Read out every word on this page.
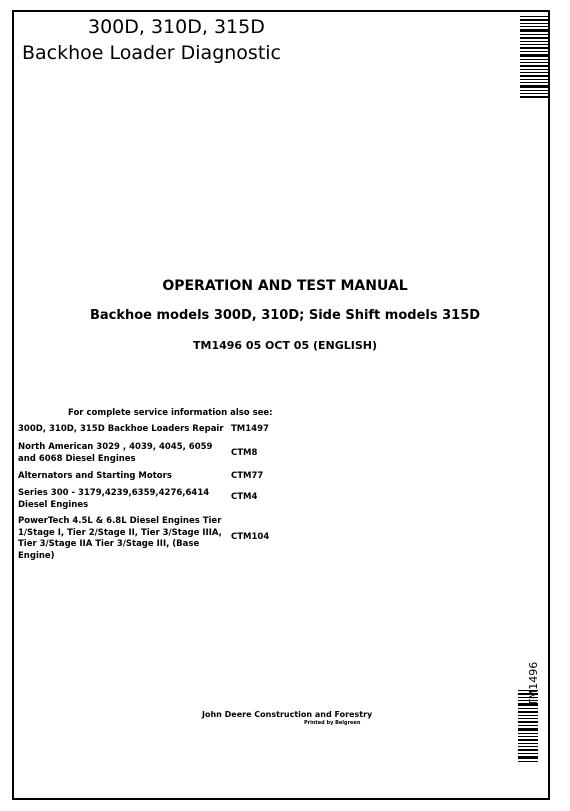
300D, 310D, 315D
Backhoe Loader Diagnostic
OPERATION AND TEST MANUAL
Backhoe models 300D, 310D; Side Shift models 315D
TM1496 05 OCT 05 (ENGLISH)
For complete service information also see:
300D, 310D, 315D Backhoe Loaders Repair TM1497
North American 3029 , 4039, 4045, 6059 and 6068 Diesel Engines
CTM8
Alternators and Starting Motors	CTM77
Series 300 - 3179,4239,6359,4276,6414 Diesel Engines
CTM4
PowerTech 4.5L & 6.8L Diesel Engines Tier 1/Stage I, Tier 2/Stage II, Tier 3/Stage IIIA, Tier 3/Stage IIA Tier 3/Stage III, (Base Engine)
CTM104
John Deere Construction and Forestry
Printed by Belgreen
TM1496
